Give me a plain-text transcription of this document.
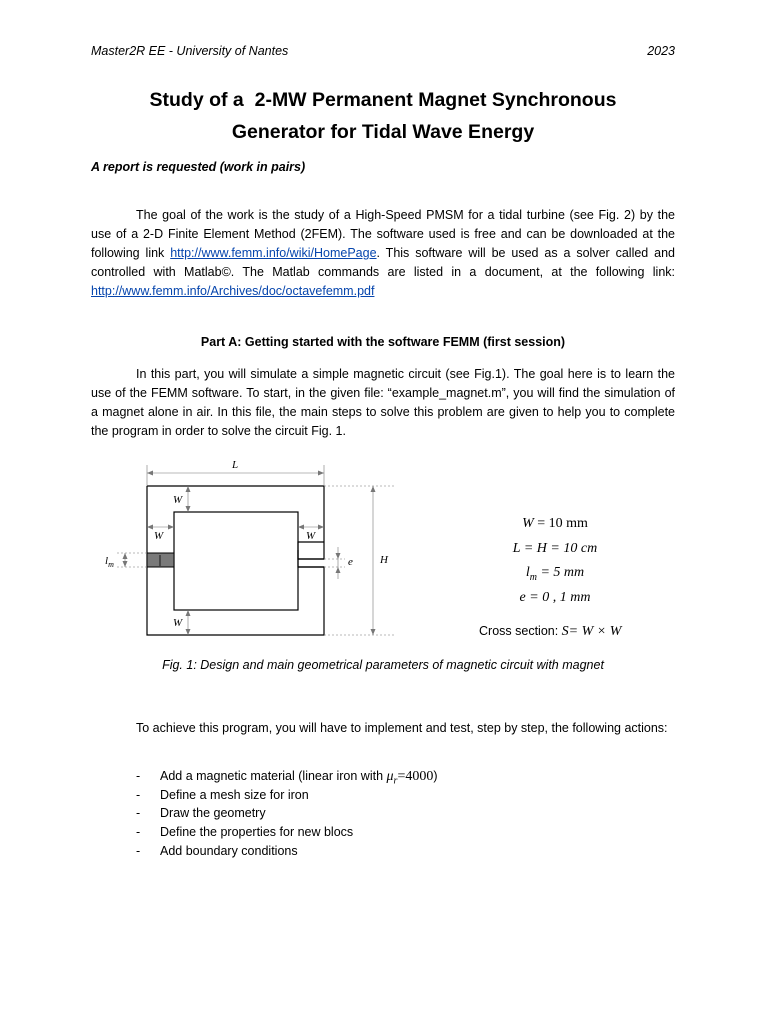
Master2R EE - University of Nantes	2023
Study of a  2-MW Permanent Magnet Synchronous
Generator for Tidal Wave Energy
A report is requested (work in pairs)

The goal of the work is the study of a High-Speed PMSM for a tidal turbine (see Fig. 2) by the use of a 2-D Finite Element Method (2FEM). The software used is free and can be downloaded at the following link http://www.femm.info/wiki/HomePage. This software will be used as a solver called and controlled with Matlab©. The Matlab commands are listed in a document, at the following link: http://www.femm.info/Archives/doc/octavefemm.pdf

Part A: Getting started with the software FEMM (first session)

In this part, you will simulate a simple magnetic circuit (see Fig.1). The goal here is to learn the use of the FEMM software. To start, in the given file: “example_magnet.m”, you will find the simulation of a magnet alone in air. In this file, the main steps to solve this problem are given to help you to complete the program in order to solve the circuit Fig. 1.

L
W
W	W
W
$l_m$	e H
W = 10 mm
L = H = 10 cm
$l_m = 5$ mm
e = 0 , 1 mm
Cross section: S= W × W
Fig. 1: Design and main geometrical parameters of magnetic circuit with magnet

To achieve this program, you will have to implement and test, step by step, the following actions:

- Add a magnetic material (linear iron with $\mu_r=4000$)
- Define a mesh size for iron
- Draw the geometry
- Define the properties for new blocs
- Add boundary conditions
